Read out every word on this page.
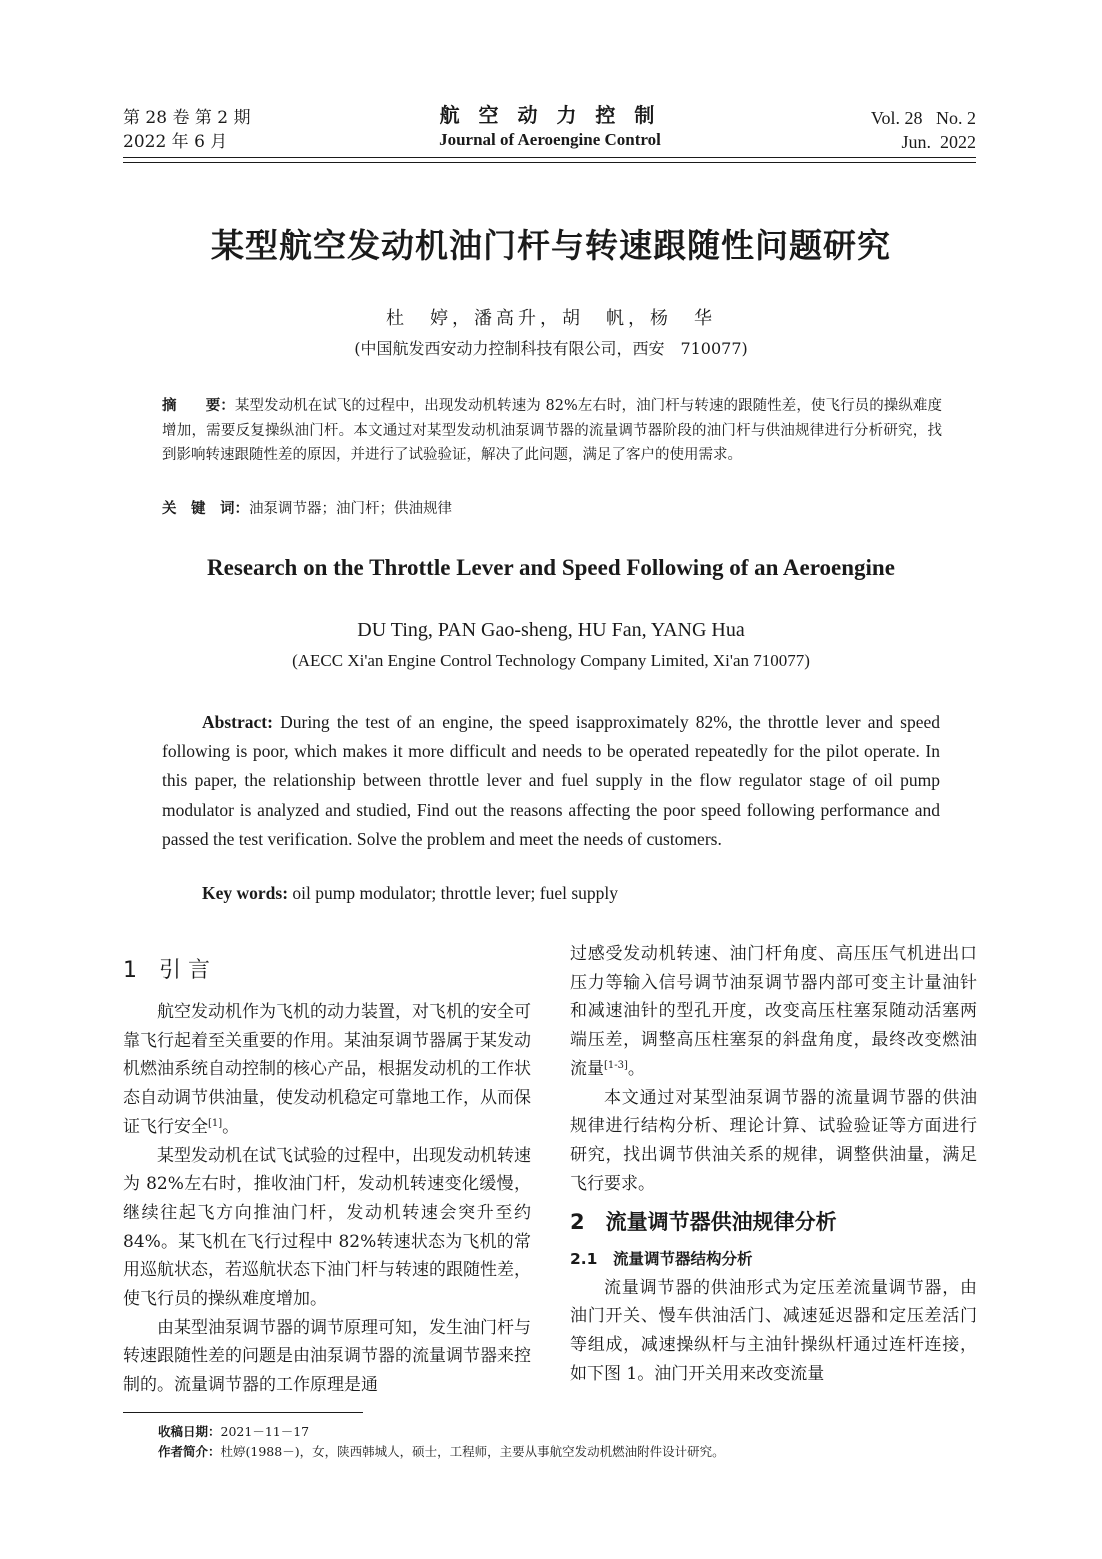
第 28 卷 第 2 期
2022 年 6 月
航 空 动 力 控 制
Journal of Aeroengine Control
Vol. 28   No. 2
Jun.  2022
某型航空发动机油门杆与转速跟随性问题研究
杜　婷，潘高升，胡　帆，杨　华
(中国航发西安动力控制科技有限公司，西安　710077)
摘　　要：某型发动机在试飞的过程中，出现发动机转速为 82%左右时，油门杆与转速的跟随性差，使飞行员的操纵难度增加，需要反复操纵油门杆。本文通过对某型发动机油泵调节器的流量调节器阶段的油门杆与供油规律进行分析研究，找到影响转速跟随性差的原因，并进行了试验验证，解决了此问题，满足了客户的使用需求。
关　键　词：油泵调节器；油门杆；供油规律
Research on the Throttle Lever and Speed Following of an Aeroengine
DU Ting, PAN Gao-sheng, HU Fan, YANG Hua
(AECC Xi'an Engine Control Technology Company Limited, Xi'an 710077)
Abstract: During the test of an engine, the speed isapproximately 82%, the throttle lever and speed following is poor, which makes it more difficult and needs to be operated repeatedly for the pilot operate. In this paper, the relationship between throttle lever and fuel supply in the flow regulator stage of oil pump modulator is analyzed and studied, Find out the reasons affecting the poor speed following performance and passed the test verification. Solve the problem and meet the needs of customers.
Key words: oil pump modulator; throttle lever; fuel supply
1　引 言

航空发动机作为飞机的动力装置，对飞机的安全可靠飞行起着至关重要的作用。某油泵调节器属于某发动机燃油系统自动控制的核心产品，根据发动机的工作状态自动调节供油量，使发动机稳定可靠地工作，从而保证飞行安全[1]。

某型发动机在试飞试验的过程中，出现发动机转速为 82%左右时，推收油门杆，发动机转速变化缓慢，继续往起飞方向推油门杆，发动机转速会突升至约 84%。某飞机在飞行过程中 82%转速状态为飞机的常用巡航状态，若巡航状态下油门杆与转速的跟随性差，使飞行员的操纵难度增加。

由某型油泵调节器的调节原理可知，发生油门杆与转速跟随性差的问题是由油泵调节器的流量调节器来控制的。流量调节器的工作原理是通

过感受发动机转速、油门杆角度、高压压气机进出口压力等输入信号调节油泵调节器内部可变主计量油针和减速油针的型孔开度，改变高压柱塞泵随动活塞两端压差，调整高压柱塞泵的斜盘角度，最终改变燃油流量[1-3]。

本文通过对某型油泵调节器的流量调节器的供油规律进行结构分析、理论计算、试验验证等方面进行研究，找出调节供油关系的规律，调整供油量，满足飞行要求。

2　流量调节器供油规律分析

2.1　流量调节器结构分析

流量调节器的供油形式为定压差流量调节器，由油门开关、慢车供油活门、减速延迟器和定压差活门等组成，减速操纵杆与主油针操纵杆通过连杆连接，如下图 1。油门开关用来改变流量

收稿日期：2021－11－17
作者简介：杜婷(1988－)，女，陕西韩城人，硕士，工程师，主要从事航空发动机燃油附件设计研究。
